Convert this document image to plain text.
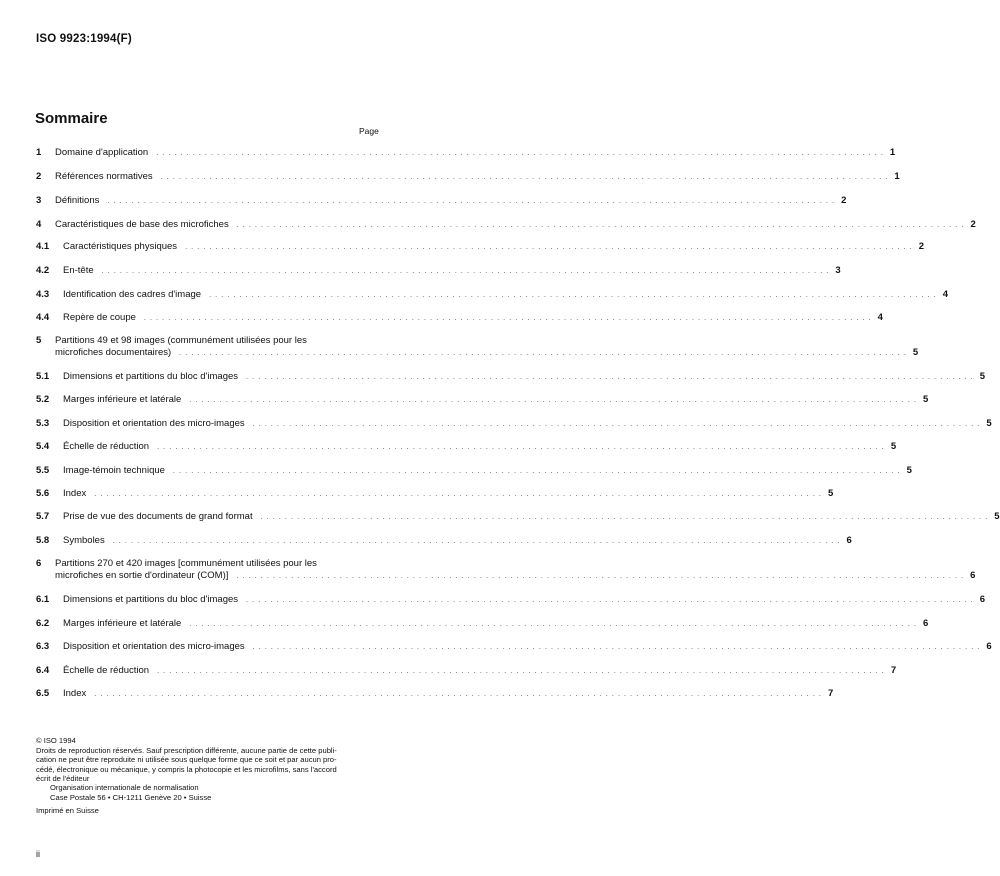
ISO 9923:1994(F)
Sommaire
Page
1 Domaine d'application . . . . . . . . . . . . . . . . . . . . . . . . . . . . . . . . . . . . . . . . . . . . . . . . . . . . . . . . . . . . . . . . . . . . . . . . . . . . . . . . . . . . . . . . . . . . . . . . . . . . . . . . . . . . . . . . . . . . . . . . 1
2 Références normatives . . . . . . . . . . . . . . . . . . . . . . . . . . . . . . . . . . . . . . . . . . . . . . . . . . . . . . . . . . . . . . . . . . . . . . . . . . . . . . . . . . . . . . . . . . . . . . . . . . . . . . . . . . . . . . . . . . . . . . . . 1
3 Définitions . . . . . . . . . . . . . . . . . . . . . . . . . . . . . . . . . . . . . . . . . . . . . . . . . . . . . . . . . . . . . . . . . . . . . . . . . . . . . . . . . . . . . . . . . . . . . . . . . . . . . . . . . . . . . . . . . . . . . . . . 2
4 Caractéristiques de base des microfiches . . . . . . . . . . . . . . . . . . . . . . . . . . . . . . . . . . . . . . . . . . . . . . . . . . . . . . . . . . . . . . . . . . . . . . . . . . . . . . . . . . . . . . . . . . . . . . . . . . . . . . . . . . . . . . . . . . . . . . . . 2
4.1 Caractéristiques physiques . . . . . . . . . . . . . . . . . . . . . . . . . . . . . . . . . . . . . . . . . . . . . . . . . . . . . . . . . . . . . . . . . . . . . . . . . . . . . . . . . . . . . . . . . . . . . . . . . . . . . . . . . . . . . . . . . . . . . . . . 2
4.2 En-tête . . . . . . . . . . . . . . . . . . . . . . . . . . . . . . . . . . . . . . . . . . . . . . . . . . . . . . . . . . . . . . . . . . . . . . . . . . . . . . . . . . . . . . . . . . . . . . . . . . . . . . . . . . . . . . . . . . . . . . . . 3
4.3 Identification des cadres d'image . . . . . . . . . . . . . . . . . . . . . . . . . . . . . . . . . . . . . . . . . . . . . . . . . . . . . . . . . . . . . . . . . . . . . . . . . . . . . . . . . . . . . . . . . . . . . . . . . . . . . . . . . . . . . . . . . . . . . . . . 4
4.4 Repère de coupe . . . . . . . . . . . . . . . . . . . . . . . . . . . . . . . . . . . . . . . . . . . . . . . . . . . . . . . . . . . . . . . . . . . . . . . . . . . . . . . . . . . . . . . . . . . . . . . . . . . . . . . . . . . . . . . . . . . . . . . . 4
5 Partitions 49 et 98 images (communément utilisées pour les
microfiches documentaires) . . . . . . . . . . . . . . . . . . . . . . . . . . . . . . . . . . . . . . . . . . . . . . . . . . . . . . . . . . . . . . . . . . . . . . . . . . . . . . . . . . . . . . . . . . . . . . . . . . . . . . . . . . . . . . . . . . . . . . . . 5
5.1 Dimensions et partitions du bloc d'images . . . . . . . . . . . . . . . . . . . . . . . . . . . . . . . . . . . . . . . . . . . . . . . . . . . . . . . . . . . . . . . . . . . . . . . . . . . . . . . . . . . . . . . . . . . . . . . . . . . . . . . . . . . . . . . . . . . . . . . . 5
5.2 Marges inférieure et latérale . . . . . . . . . . . . . . . . . . . . . . . . . . . . . . . . . . . . . . . . . . . . . . . . . . . . . . . . . . . . . . . . . . . . . . . . . . . . . . . . . . . . . . . . . . . . . . . . . . . . . . . . . . . . . . . . . . . . . . . . 5
5.3 Disposition et orientation des micro-images . . . . . . . . . . . . . . . . . . . . . . . . . . . . . . . . . . . . . . . . . . . . . . . . . . . . . . . . . . . . . . . . . . . . . . . . . . . . . . . . . . . . . . . . . . . . . . . . . . . . . . . . . . . . . . . . . . . . . . . . 5
5.4 Échelle de réduction . . . . . . . . . . . . . . . . . . . . . . . . . . . . . . . . . . . . . . . . . . . . . . . . . . . . . . . . . . . . . . . . . . . . . . . . . . . . . . . . . . . . . . . . . . . . . . . . . . . . . . . . . . . . . . . . . . . . . . . . 5
5.5 Image-témoin technique . . . . . . . . . . . . . . . . . . . . . . . . . . . . . . . . . . . . . . . . . . . . . . . . . . . . . . . . . . . . . . . . . . . . . . . . . . . . . . . . . . . . . . . . . . . . . . . . . . . . . . . . . . . . . . . . . . . . . . . . 5
5.6 Index . . . . . . . . . . . . . . . . . . . . . . . . . . . . . . . . . . . . . . . . . . . . . . . . . . . . . . . . . . . . . . . . . . . . . . . . . . . . . . . . . . . . . . . . . . . . . . . . . . . . . . . . . . . . . . . . . . . . . . . . 5
5.7 Prise de vue des documents de grand format . . . . . . . . . . . . . . . . . . . . . . . . . . . . . . . . . . . . . . . . . . . . . . . . . . . . . . . . . . . . . . . . . . . . . . . . . . . . . . . . . . . . . . . . . . . . . . . . . . . . . . . . . . . . . . . . . . . . . . . . 5
5.8 Symboles . . . . . . . . . . . . . . . . . . . . . . . . . . . . . . . . . . . . . . . . . . . . . . . . . . . . . . . . . . . . . . . . . . . . . . . . . . . . . . . . . . . . . . . . . . . . . . . . . . . . . . . . . . . . . . . . . . . . . . . . 6
6 Partitions 270 et 420 images [communément utilisées pour les
microfiches en sortie d'ordinateur (COM)] . . . . . . . . . . . . . . . . . . . . . . . . . . . . . . . . . . . . . . . . . . . . . . . . . . . . . . . . . . . . . . . . . . . . . . . . . . . . . . . . . . . . . . . . . . . . . . . . . . . . . . . . . . . . . . . . . . . . . . . . 6
6.1 Dimensions et partitions du bloc d'images . . . . . . . . . . . . . . . . . . . . . . . . . . . . . . . . . . . . . . . . . . . . . . . . . . . . . . . . . . . . . . . . . . . . . . . . . . . . . . . . . . . . . . . . . . . . . . . . . . . . . . . . . . . . . . . . . . . . . . . . 6
6.2 Marges inférieure et latérale . . . . . . . . . . . . . . . . . . . . . . . . . . . . . . . . . . . . . . . . . . . . . . . . . . . . . . . . . . . . . . . . . . . . . . . . . . . . . . . . . . . . . . . . . . . . . . . . . . . . . . . . . . . . . . . . . . . . . . . . 6
6.3 Disposition et orientation des micro-images . . . . . . . . . . . . . . . . . . . . . . . . . . . . . . . . . . . . . . . . . . . . . . . . . . . . . . . . . . . . . . . . . . . . . . . . . . . . . . . . . . . . . . . . . . . . . . . . . . . . . . . . . . . . . . . . . . . . . . . . 6
6.4 Échelle de réduction . . . . . . . . . . . . . . . . . . . . . . . . . . . . . . . . . . . . . . . . . . . . . . . . . . . . . . . . . . . . . . . . . . . . . . . . . . . . . . . . . . . . . . . . . . . . . . . . . . . . . . . . . . . . . . . . . . . . . . . . 7
6.5 Index . . . . . . . . . . . . . . . . . . . . . . . . . . . . . . . . . . . . . . . . . . . . . . . . . . . . . . . . . . . . . . . . . . . . . . . . . . . . . . . . . . . . . . . . . . . . . . . . . . . . . . . . . . . . . . . . . . . . . . . . 7
© ISO 1994
Droits de reproduction réservés. Sauf prescription différente, aucune partie de cette publi-
cation ne peut être reproduite ni utilisée sous quelque forme que ce soit et par aucun pro-
cédé, électronique ou mécanique, y compris la photocopie et les microfilms, sans l'accord
écrit de l'éditeur
Organisation internationale de normalisation
Case Postale 56 • CH-1211 Genève 20 • Suisse
Imprimé en Suisse
ii
